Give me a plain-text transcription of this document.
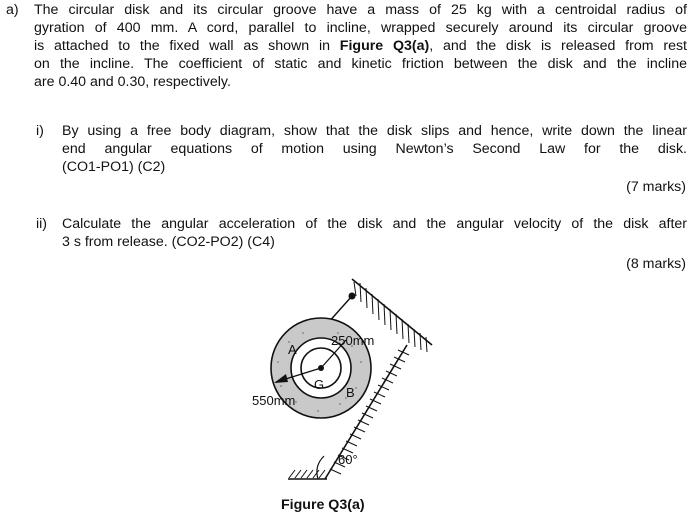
a) The circular disk and its circular groove have a mass of 25 kg with a centroidal radius of
gyration of 400 mm. A cord, parallel to incline, wrapped securely around its circular groove
is attached to the fixed wall as shown in Figure Q3(a), and the disk is released from rest
on the incline. The coefficient of static and kinetic friction between the disk and the incline
are 0.40 and 0.30, respectively.
i) By using a free body diagram, show that the disk slips and hence, write down the linear
end angular equations of motion using Newton’s Second Law for the disk.
(CO1-PO1) (C2)
(7 marks)
ii) Calculate the angular acceleration of the disk and the angular velocity of the disk after
3 s from release. (CO2-PO2) (C4)
(8 marks)
250mm
550mm
A
B
G
60°
Figure Q3(a)
